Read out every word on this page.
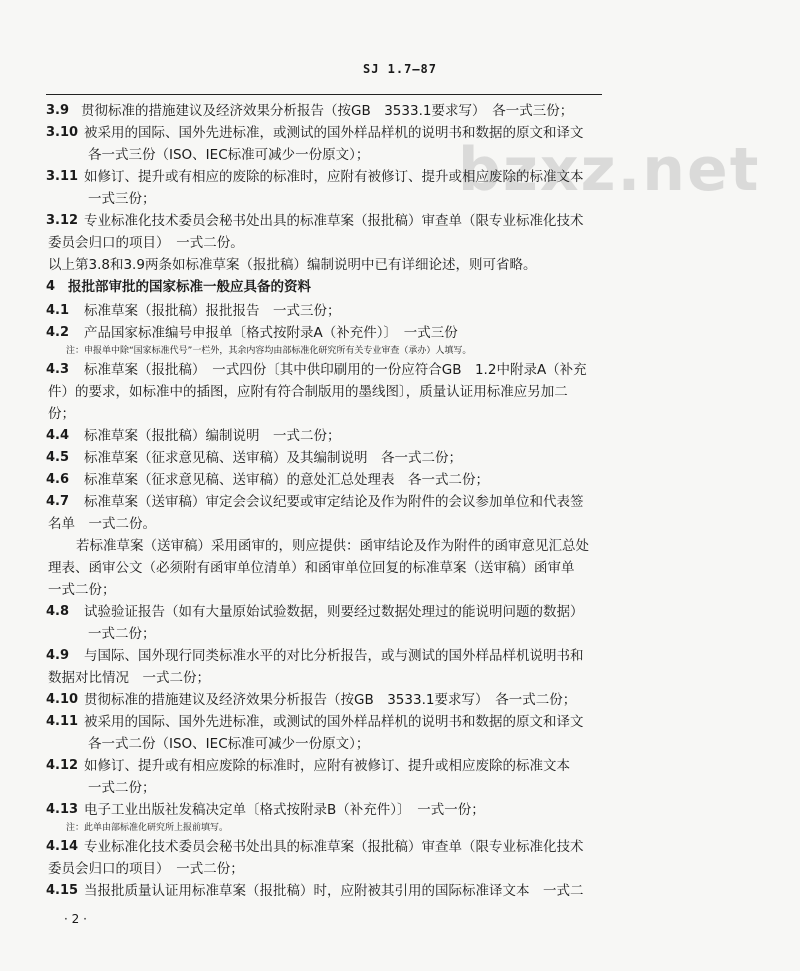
SJ 1.7—87
bzxz.net
3.9 贯彻标准的措施建议及经济效果分析报告（按GB　3533.1要求写）　各一式三份；
3.10 被采用的国际、国外先进标准，或测试的国外样品样机的说明书和数据的原文和译文
各一式三份（ISO、IEC标准可减少一份原文）；
3.11 如修订、提升或有相应的废除的标准时，应附有被修订、提升或相应废除的标准文本
一式三份；
3.12 专业标准化技术委员会秘书处出具的标准草案（报批稿）审查单（限专业标准化技术
委员会归口的项目）　一式二份。
以上第3.8和3.9两条如标准草案（报批稿）编制说明中已有详细论述，则可省略。
4 报批部审批的国家标准一般应具备的资料
4.1 标准草案（报批稿）报批报告　一式三份；
4.2 产品国家标准编号申报单〔格式按附录A（补充件）〕　一式三份
注：申报单中除“国家标准代号”一栏外，其余内容均由部标准化研究所有关专业审查（承办）人填写。
4.3 标准草案（报批稿）　一式四份〔其中供印刷用的一份应符合GB　1.2中附录A（补充
件）的要求，如标准中的插图，应附有符合制版用的墨线图〕，质量认证用标准应另加二
份；
4.4 标准草案（报批稿）编制说明　一式二份；
4.5 标准草案（征求意见稿、送审稿）及其编制说明　各一式二份；
4.6 标准草案（征求意见稿、送审稿）的意处汇总处理表　各一式二份；
4.7 标准草案（送审稿）审定会会议纪要或审定结论及作为附件的会议参加单位和代表签
名单　一式二份。
若标准草案（送审稿）采用函审的，则应提供：函审结论及作为附件的函审意见汇总处
理表、函审公文（必须附有函审单位清单）和函审单位回复的标准草案（送审稿）函审单
一式二份；
4.8 试验验证报告（如有大量原始试验数据，则要经过数据处理过的能说明问题的数据）
一式二份；
4.9 与国际、国外现行同类标准水平的对比分析报告，或与测试的国外样品样机说明书和
数据对比情况　一式二份；
4.10 贯彻标准的措施建议及经济效果分析报告（按GB　3533.1要求写）　各一式二份；
4.11 被采用的国际、国外先进标准，或测试的国外样品样机的说明书和数据的原文和译文
各一式二份（ISO、IEC标准可减少一份原文）；
4.12 如修订、提升或有相应废除的标准时，应附有被修订、提升或相应废除的标准文本
一式二份；
4.13 电子工业出版社发稿决定单〔格式按附录B（补充件）〕　一式一份；
注：此单由部标准化研究所上报前填写。
4.14 专业标准化技术委员会秘书处出具的标准草案（报批稿）审查单（限专业标准化技术
委员会归口的项目）　一式二份；
4.15 当报批质量认证用标准草案（报批稿）时，应附被其引用的国际标准译文本　一式二
· 2 ·
